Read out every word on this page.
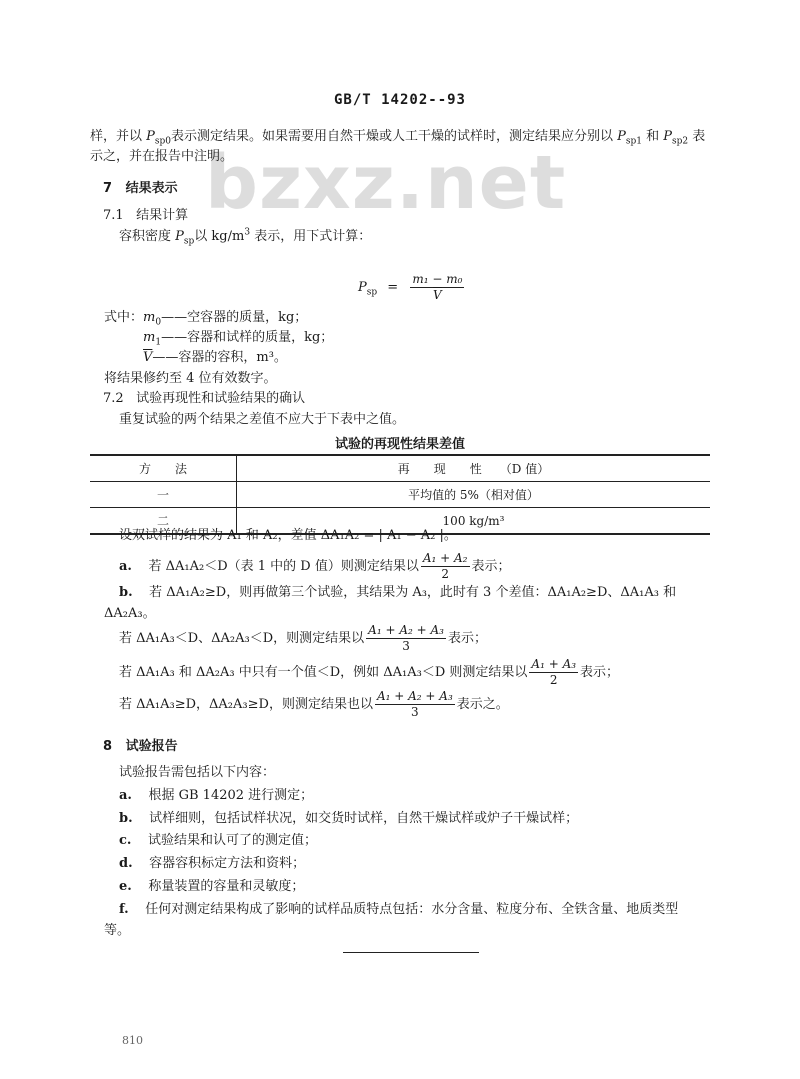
GB/T 14202--93
bzxz.net
样，并以 $P_{sp0}$表示测定结果。如果需要用自然干燥或人工干燥的试样时，测定结果应分别以 $P_{sp1}$ 和 $P_{sp2}$ 表
示之，并在报告中注明。
7 结果表示
7.1 结果计算
容积密度 $P_{sp}$以 $kg/m^3$ 表示，用下式计算：
$P_{sp} = \frac{\text{m₁ − m₀}}{V}$
式中：$m_0——$空容器的质量，kg；
$m_1——$容器和试样的质量，kg；
$\overline{V}——$容器的容积，m³。
将结果修约至 4 位有效数字。
7.2 试验再现性和试验结果的确认
重复试验的两个结果之差值不应大于下表中之值。
试验的再现性结果差值
方　　法	再　　现　　性　　（D 值）
一	平均值的 5%（相对值）
二	100 kg/m³
设双试样的结果为 A₁ 和 A₂，差值 ΔA₁A₂ = | A₁ − A₂ |。
a. 若 ΔA₁A₂＜D（表 1 中的 D 值）则测定结果以 $\frac{\text{A₁ + A₂}}{2}$ 表示；
b. 若 ΔA₁A₂≥D，则再做第三个试验，其结果为 A₃，此时有 3 个差值：ΔA₁A₂≥D、ΔA₁A₃ 和
ΔA₂A₃。
若 ΔA₁A₃＜D、ΔA₂A₃＜D，则测定结果以 $\frac{\text{A₁ + A₂ + A₃}}{3}$ 表示；
若 ΔA₁A₃ 和 ΔA₂A₃ 中只有一个值＜D，例如 ΔA₁A₃＜D 则测定结果以 $\frac{\text{A₁ + A₃}}{2}$ 表示；
若 ΔA₁A₃≥D，ΔA₂A₃≥D，则测定结果也以 $\frac{\text{A₁ + A₂ + A₃}}{3}$ 表示之。
8 试验报告
试验报告需包括以下内容：
a. 根据 GB 14202 进行测定；
b. 试样细则，包括试样状况，如交货时试样，自然干燥试样或炉子干燥试样；
c. 试验结果和认可了的测定值；
d. 容器容积标定方法和资料；
e. 称量装置的容量和灵敏度；
f. 任何对测定结果构成了影响的试样品质特点包括：水分含量、粒度分布、全铁含量、地质类型
等。
810
